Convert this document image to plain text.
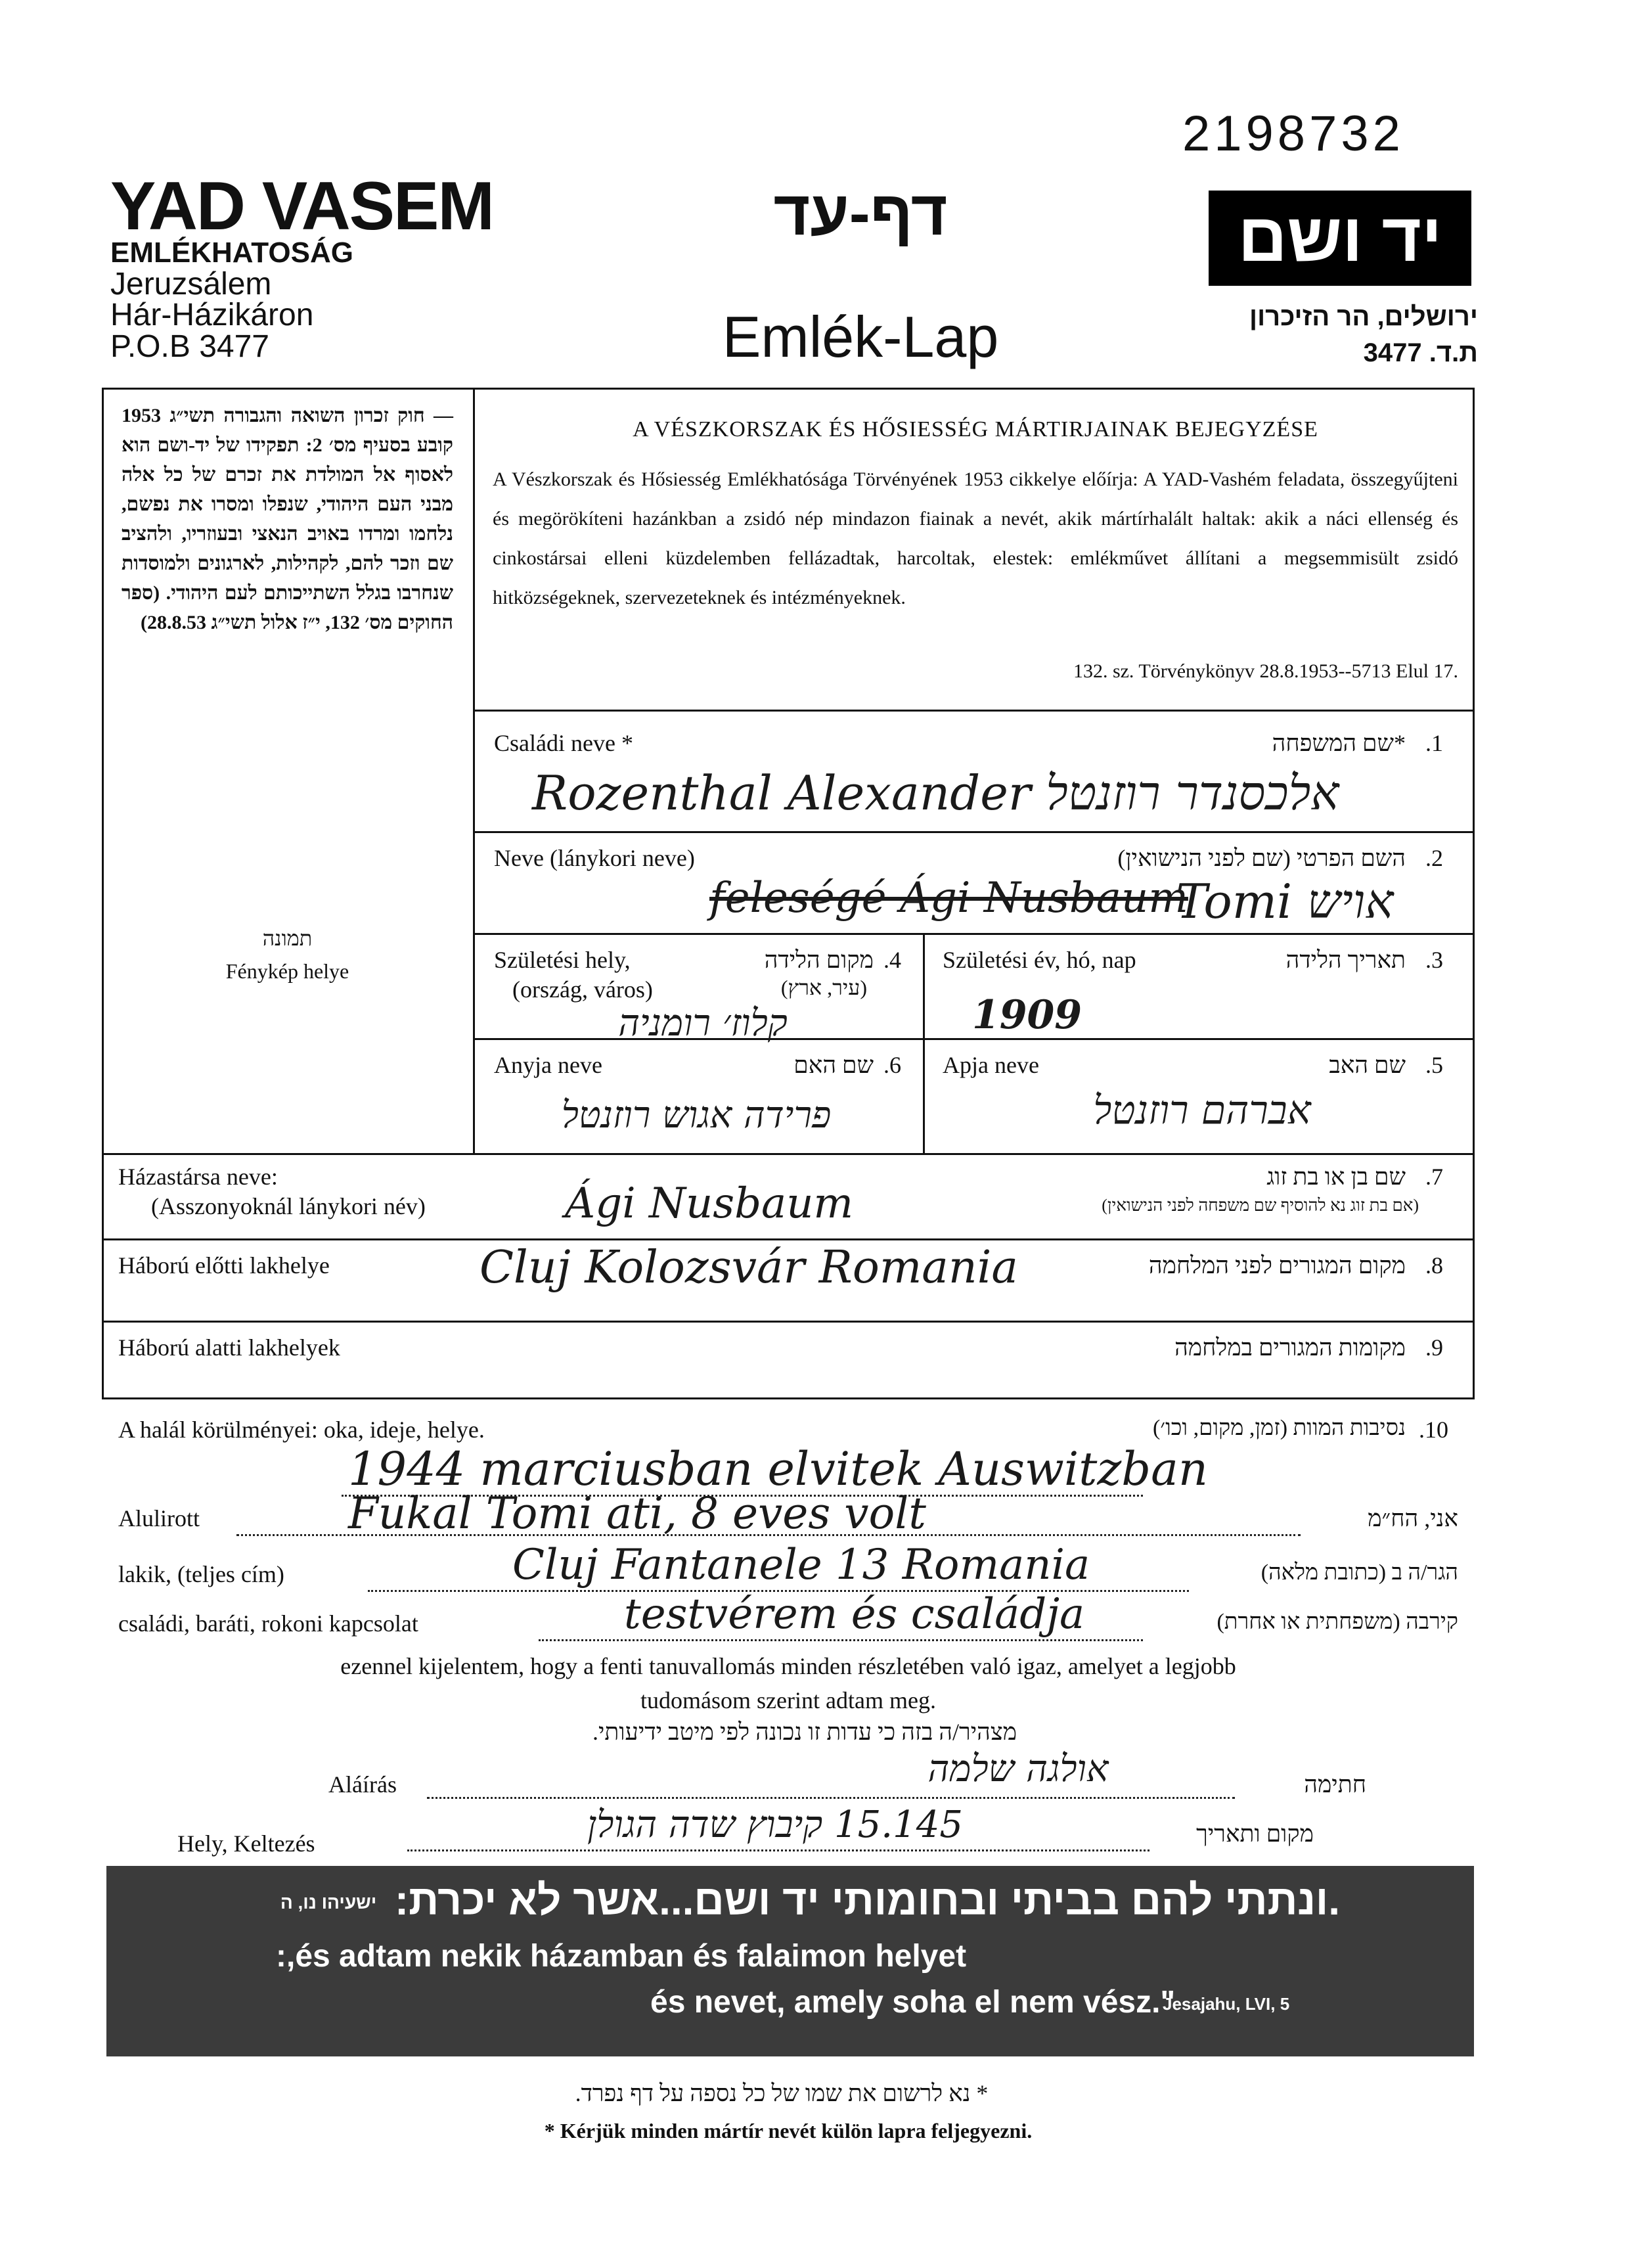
2198732
YAD VASEM
EMLÉKHATOSÁG
Jeruzsálem
Hár-Házikáron
P.O.B 3477
דף-עד
Emlék-Lap
יד ושם
ירושלים, הר הזיכרון
ת.ד. 3477
— חוק זכרון השואה והגבורה תשי״ג 1953 קובע בסעיף מס׳ 2: תפקידו של יד-ושם הוא לאסוף אל המולדת את זכרם של כל אלה מבני העם היהודי, שנפלו ומסרו את נפשם, נלחמו ומרדו באויב הנאצי ובעוזריו, ולהציב שם וזכר להם, לקהילות, לארגונים ולמוסדות שנחרבו בגלל השתייכותם לעם היהודי. (ספר החוקים מס׳ 132, י״ז אלול תשי״ג 28.8.53)
תמונה
Fénykép helye
A VÉSZKORSZAK ÉS HŐSIESSÉG MÁRTIRJAINAK BEJEGYZÉSE
A Vészkorszak és Hősiesség Emlékhatósága Törvényének 1953 cikkelye előírja: A YAD-Vashém feladata, összegyűjteni és megörökíteni hazánkban a zsidó nép mindazon fiainak a nevét, akik mártírhalált haltak: akik a náci ellenség és cinkostársai elleni küzdelemben fellázadtak, harcoltak, elestek: emlékművet állítani a megsemmisült zsidó hitközségeknek, szervezeteknek és intézményeknek.
132. sz. Törvénykönyv 28.8.1953--5713 Elul 17.
Családi neve *	*שם המשפחה .1
Rozenthal Alexander אלכסנדר רוזנטל
Neve (lánykori neve)	השם הפרטי (שם לפני הנישואין) .2
feleségé Ági Nusbaum
Tomi אויש
Születési hely,
(ország, város)
מקום הלידה
(עיר, ארץ)
.4
קלוז׳ רומניה
Születési év, hó, nap	תאריך הלידה .3
1909
Anyja neve	שם האם .6
פרידה אגוש רוזנטל
Apja neve	שם האב .5
אברהם רוזנטל
Házastársa neve:
(Asszonyoknál lánykori név)
שם בן או בת זוג
(אם בת זוג נא להוסיף שם משפחה לפני הנישואין)
.7
Ági Nusbaum
Háború előtti lakhelye	מקום המגורים לפני המלחמה .8
Cluj Kolozsvár Romania
Háború alatti lakhelyek	מקומות המגורים במלחמה .9
A halál körülményei: oka, ideje, helye.	נסיבות המוות (זמן, מקום, וכו׳) .10
1944 marciusban elvitek Auswitzban
Alulirott	אני, הח״מ
Fukal Tomi ati, 8 eves volt
lakik, (teljes cím)	הגר/ה ב (כתובת מלאה)
Cluj Fantanele 13 Romania
családi, baráti, rokoni kapcsolat	קירבה (משפחתית או אחרת)
testvérem és családja
ezennel kijelentem, hogy a fenti tanuvallomás minden részletében való igaz, amelyet a legjobb tudomásom szerint adtam meg.
מצהיר/ה בזה כי עדות זו נכונה לפי מיטב ידיעותי.
Aláírás	חתימה
אולגה שלמה
Hely, Keltezés	מקום ותאריך
15.145 קיבוץ שדה הגולן
.ונתתי להם בביתי ובחומותי יד ושם...אשר לא יכרת:
ישעיהו נו, ה
:,és adtam nekik házamban és falaimon helyet
és nevet, amely soha el nem vész."
Jesajahu, LVI, 5
* נא לרשום את שמו של כל נספה על דף נפרד.
* Kérjük minden mártír nevét külön lapra feljegyezni.
